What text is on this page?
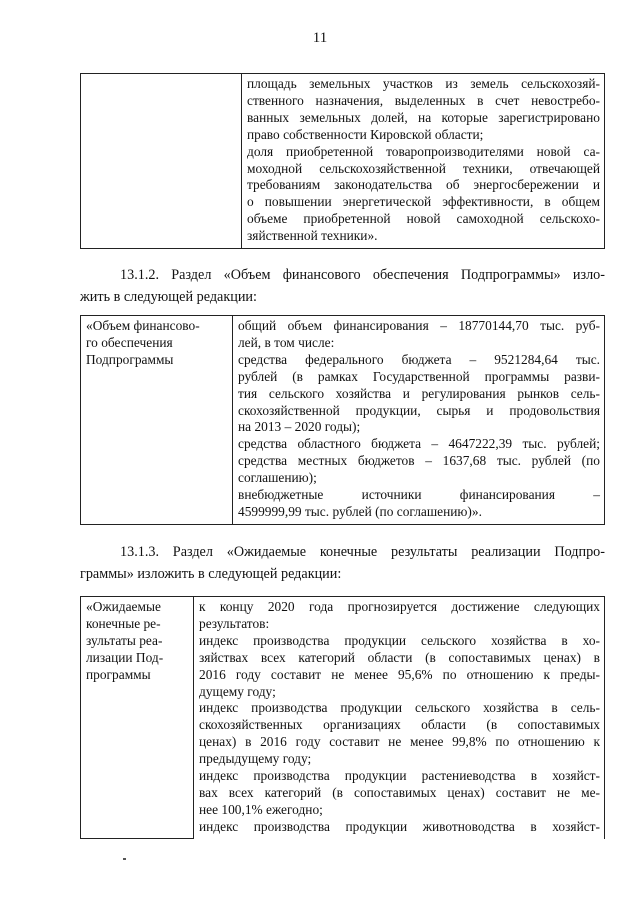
11

площадь земельных участков из земель сельскохозяй-
ственного назначения, выделенных в счет невостребо-
ванных земельных долей, на которые зарегистрировано
право собственности Кировской области;
доля приобретенной товаропроизводителями новой са-
моходной сельскохозяйственной техники, отвечающей
требованиям законодательства об энергосбережении и
о повышении энергетической эффективности, в общем
объеме приобретенной новой самоходной сельскохо-
зяйственной техники».
13.1.2. Раздел «Объем финансового обеспечения Подпрограммы» изло-
жить в следующей редакции:
«Объем финансово-
го обеспечения
Подпрограммы

общий объем финансирования – 18770144,70 тыс. руб-
лей, в том числе:
средства федерального бюджета – 9521284,64 тыс.
рублей (в рамках Государственной программы разви-
тия сельского хозяйства и регулирования рынков сель-
скохозяйственной продукции, сырья и продовольствия
на 2013 – 2020 годы);
средства областного бюджета – 4647222,39 тыс. рублей;
средства местных бюджетов – 1637,68 тыс. рублей (по
соглашению);
внебюджетные источники финансирования –
4599999,99 тыс. рублей (по соглашению)».
13.1.3. Раздел «Ожидаемые конечные результаты реализации Подпро-
граммы» изложить в следующей редакции:
«Ожидаемые
конечные ре-
зультаты реа-
лизации Под-
программы

к концу 2020 года прогнозируется достижение следующих
результатов:
индекс производства продукции сельского хозяйства в хо-
зяйствах всех категорий области (в сопоставимых ценах) в
2016 году составит не менее 95,6% по отношению к преды-
дущему году;
индекс производства продукции сельского хозяйства в сель-
скохозяйственных организациях области (в сопоставимых
ценах) в 2016 году составит не менее 99,8% по отношению к
предыдущему году;
индекс производства продукции растениеводства в хозяйст-
вах всех категорий (в сопоставимых ценах) составит не ме-
нее 100,1% ежегодно;
индекс производства продукции животноводства в хозяйст-
